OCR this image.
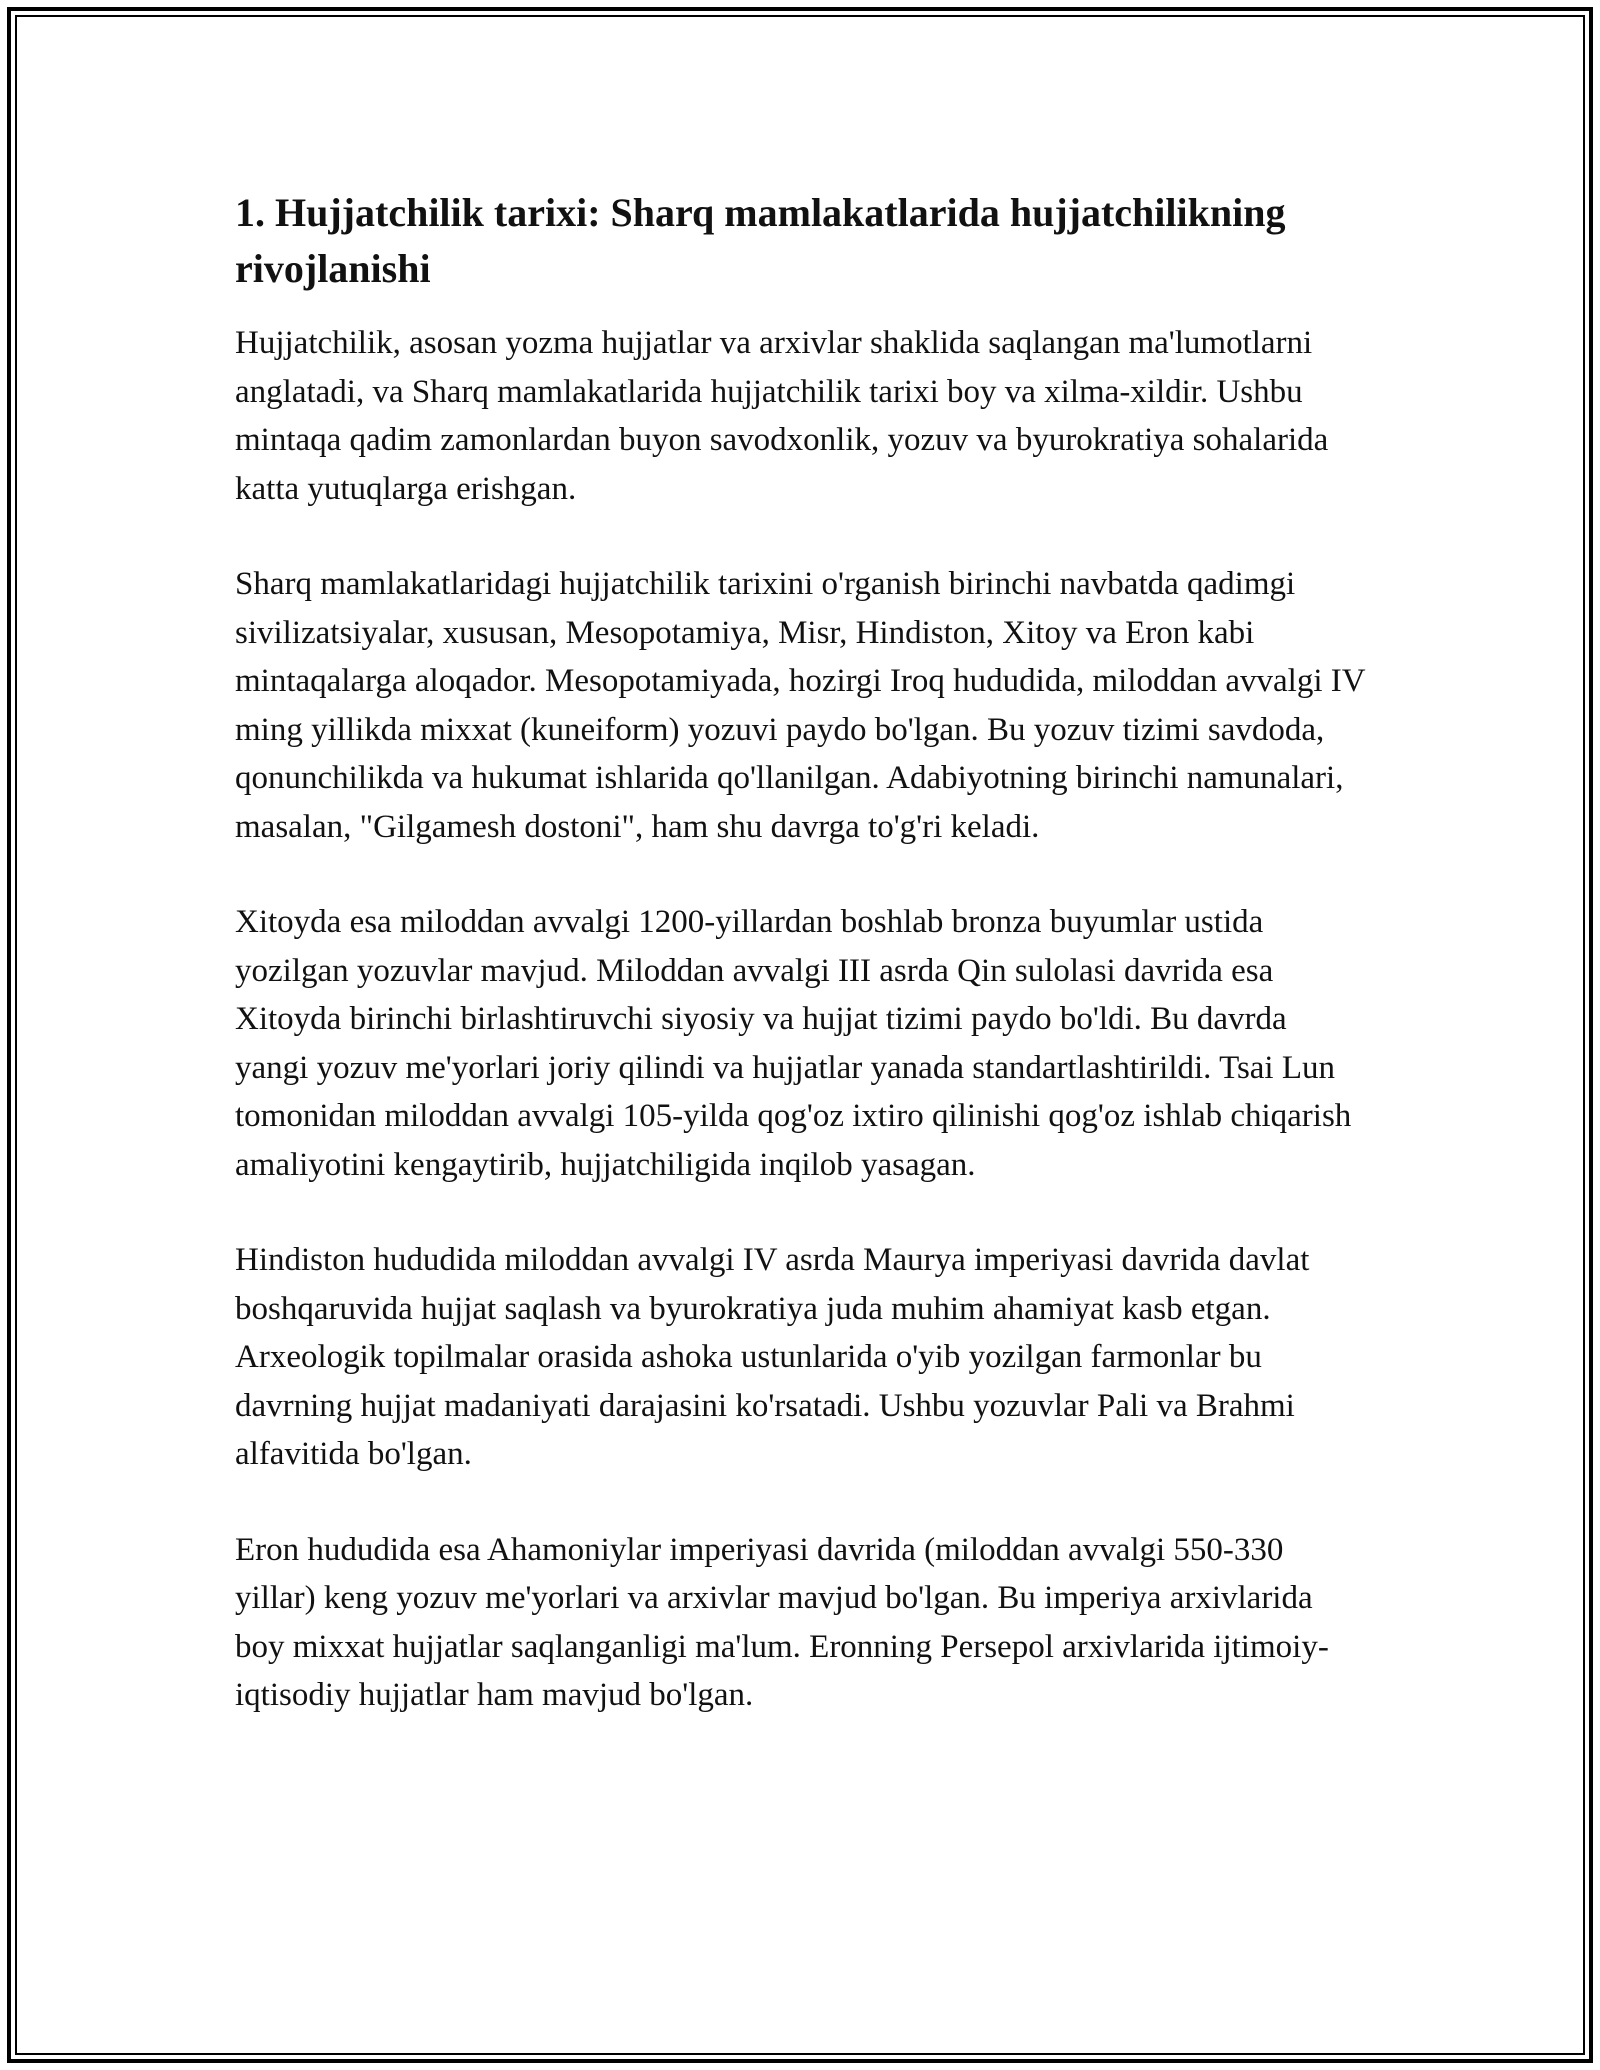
1. Hujjatchilik tarixi: Sharq mamlakatlarida hujjatchilikning rivojlanishi

Hujjatchilik, asosan yozma hujjatlar va arxivlar shaklida saqlangan ma'lumotlarni anglatadi, va Sharq mamlakatlarida hujjatchilik tarixi boy va xilma-xildir. Ushbu mintaqa qadim zamonlardan buyon savodxonlik, yozuv va byurokratiya sohalarida katta yutuqlarga erishgan.

Sharq mamlakatlaridagi hujjatchilik tarixini o'rganish birinchi navbatda qadimgi sivilizatsiyalar, xususan, Mesopotamiya, Misr, Hindiston, Xitoy va Eron kabi mintaqalarga aloqador. Mesopotamiyada, hozirgi Iroq hududida, miloddan avvalgi IV ming yillikda mixxat (kuneiform) yozuvi paydo bo'lgan. Bu yozuv tizimi savdoda, qonunchilikda va hukumat ishlarida qo'llanilgan. Adabiyotning birinchi namunalari, masalan, "Gilgamesh dostoni", ham shu davrga to'g'ri keladi.

Xitoyda esa miloddan avvalgi 1200-yillardan boshlab bronza buyumlar ustida yozilgan yozuvlar mavjud. Miloddan avvalgi III asrda Qin sulolasi davrida esa Xitoyda birinchi birlashtiruvchi siyosiy va hujjat tizimi paydo bo'ldi. Bu davrda yangi yozuv me'yorlari joriy qilindi va hujjatlar yanada standartlashtirildi. Tsai Lun tomonidan miloddan avvalgi 105-yilda qog'oz ixtiro qilinishi qog'oz ishlab chiqarish amaliyotini kengaytirib, hujjatchiligida inqilob yasagan.

Hindiston hududida miloddan avvalgi IV asrda Maurya imperiyasi davrida davlat boshqaruvida hujjat saqlash va byurokratiya juda muhim ahamiyat kasb etgan. Arxeologik topilmalar orasida ashoka ustunlarida o'yib yozilgan farmonlar bu davrning hujjat madaniyati darajasini ko'rsatadi. Ushbu yozuvlar Pali va Brahmi alfavitida bo'lgan.

Eron hududida esa Ahamoniylar imperiyasi davrida (miloddan avvalgi 550-330 yillar) keng yozuv me'yorlari va arxivlar mavjud bo'lgan. Bu imperiya arxivlarida boy mixxat hujjatlar saqlanganligi ma'lum. Eronning Persepol arxivlarida ijtimoiy-iqtisodiy hujjatlar ham mavjud bo'lgan.
